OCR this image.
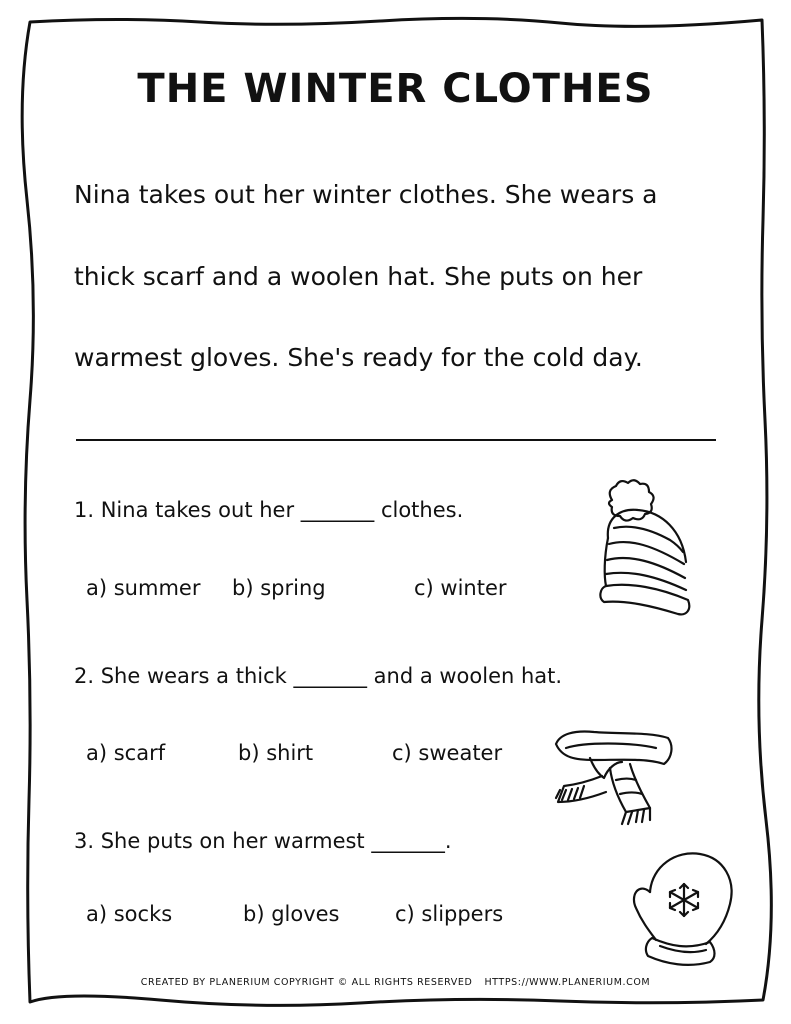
THE WINTER CLOTHES
Nina takes out her winter clothes. She wears a
thick scarf and a woolen hat. She puts on her
warmest gloves. She's ready for the cold day.
1. Nina takes out her _______ clothes.
a) summer b) spring	c) winter
2. She wears a thick _______ and a woolen hat.
a) scarf	b) shirt	c) sweater
3. She puts on her warmest _______.
a) socks	b) gloves	c) slippers
CREATED BY PLANERIUM COPYRIGHT © ALL RIGHTS RESERVED HTTPS://WWW.PLANERIUM.COM
